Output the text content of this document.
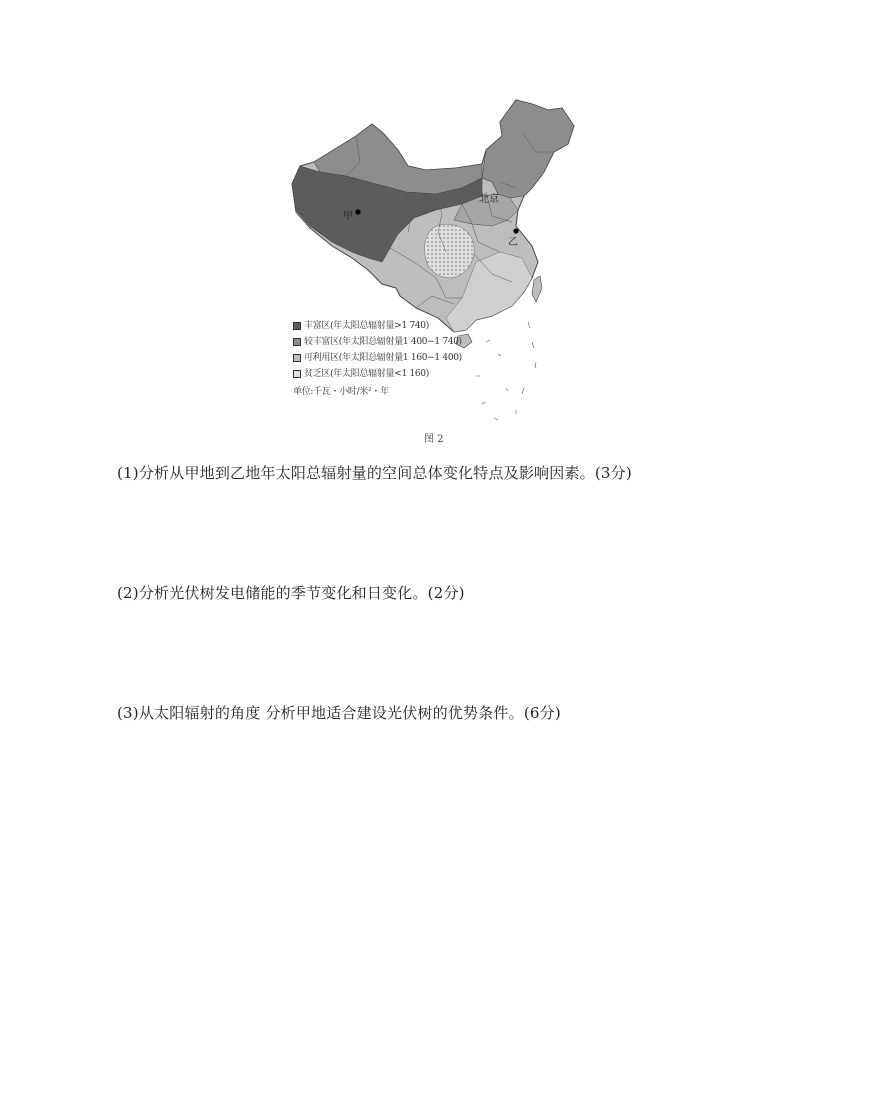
甲
乙
北京
丰富区(年太阳总辐射量>1 740)
较丰富区(年太阳总辐射量1 400~1 740)
可利用区(年太阳总辐射量1 160~1 400)
贫乏区(年太阳总辐射量<1 160)
单位:千瓦・小时/米²・年
图 2
(1)分析从甲地到乙地年太阳总辐射量的空间总体变化特点及影响因素。(3分)
(2)分析光伏树发电储能的季节变化和日变化。(2分)
(3)从太阳辐射的角度 分析甲地适合建设光伏树的优势条件。(6分)
